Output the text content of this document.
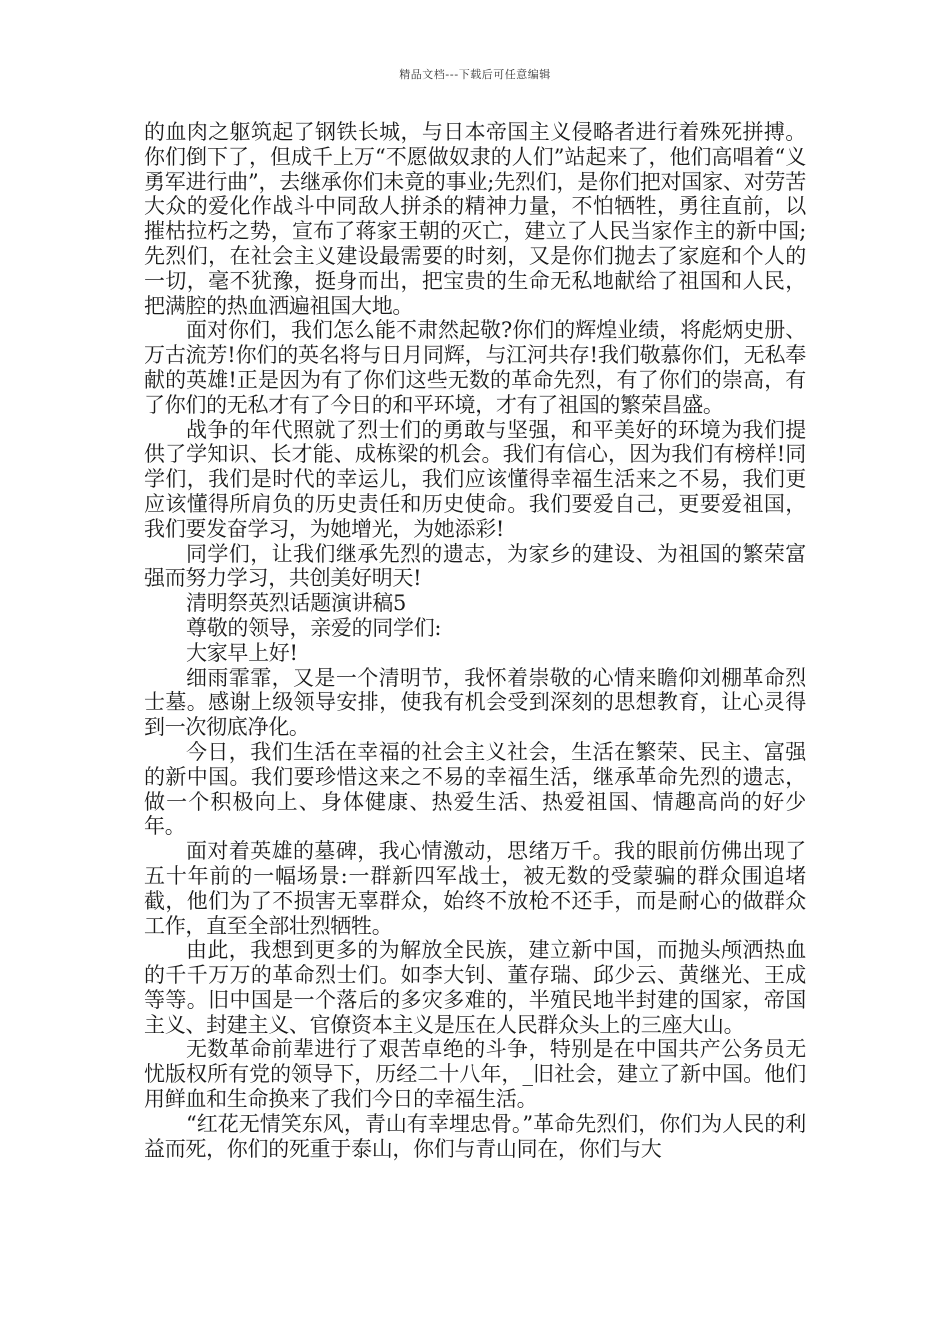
精品文档---下载后可任意编辑

的血肉之躯筑起了钢铁长城，与日本帝国主义侵略者进行着殊死拼搏。你们倒下了，但成千上万“不愿做奴隶的人们”站起来了，他们高唱着“义勇军进行曲”，去继承你们未竟的事业;先烈们，是你们把对国家、对劳苦大众的爱化作战斗中同敌人拼杀的精神力量，不怕牺牲，勇往直前，以摧枯拉朽之势，宣布了蒋家王朝的灭亡，建立了人民当家作主的新中国;先烈们，在社会主义建设最需要的时刻，又是你们抛去了家庭和个人的一切，毫不犹豫，挺身而出，把宝贵的生命无私地献给了祖国和人民，把满腔的热血洒遍祖国大地。

面对你们，我们怎么能不肃然起敬?你们的辉煌业绩，将彪炳史册、万古流芳!你们的英名将与日月同辉，与江河共存!我们敬慕你们，无私奉献的英雄!正是因为有了你们这些无数的革命先烈，有了你们的崇高，有了你们的无私才有了今日的和平环境，才有了祖国的繁荣昌盛。

战争的年代照就了烈士们的勇敢与坚强，和平美好的环境为我们提供了学知识、长才能、成栋梁的机会。我们有信心，因为我们有榜样!同学们，我们是时代的幸运儿，我们应该懂得幸福生活来之不易，我们更应该懂得所肩负的历史责任和历史使命。我们要爱自己，更要爱祖国，我们要发奋学习，为她增光，为她添彩!

同学们，让我们继承先烈的遗志，为家乡的建设、为祖国的繁荣富强而努力学习，共创美好明天!

清明祭英烈话题演讲稿5

尊敬的领导，亲爱的同学们:

大家早上好!

细雨霏霏，又是一个清明节，我怀着崇敬的心情来瞻仰刘棚革命烈士墓。感谢上级领导安排，使我有机会受到深刻的思想教育，让心灵得到一次彻底净化。

今日，我们生活在幸福的社会主义社会，生活在繁荣、民主、富强的新中国。我们要珍惜这来之不易的幸福生活，继承革命先烈的遗志，做一个积极向上、身体健康、热爱生活、热爱祖国、情趣高尚的好少年。

面对着英雄的墓碑，我心情激动，思绪万千。我的眼前仿佛出现了五十年前的一幅场景:一群新四军战士，被无数的受蒙骗的群众围追堵截，他们为了不损害无辜群众，始终不放枪不还手，而是耐心的做群众工作，直至全部壮烈牺牲。

由此，我想到更多的为解放全民族，建立新中国，而抛头颅洒热血的千千万万的革命烈士们。如李大钊、董存瑞、邱少云、黄继光、王成等等。旧中国是一个落后的多灾多难的，半殖民地半封建的国家，帝国主义、封建主义、官僚资本主义是压在人民群众头上的三座大山。

无数革命前辈进行了艰苦卓绝的斗争，特别是在中国共产公务员无忧版权所有党的领导下，历经二十八年，_旧社会，建立了新中国。他们用鲜血和生命换来了我们今日的幸福生活。

“红花无情笑东风，青山有幸埋忠骨。”革命先烈们，你们为人民的利益而死，你们的死重于泰山，你们与青山同在，你们与大
